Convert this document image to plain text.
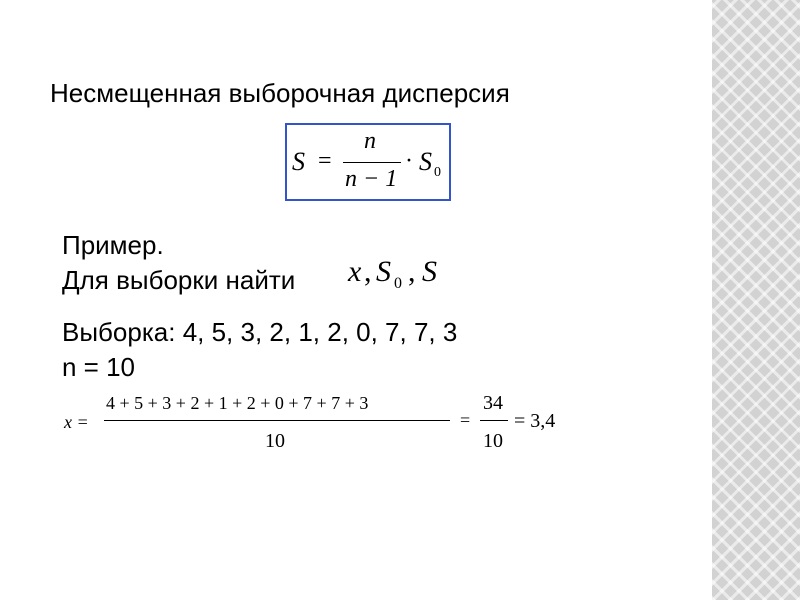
Несмещенная выборочная дисперсия
S =
n
n − 1
· S 0
Пример.
Для выборки найти x , S 0 , S
Выборка: 4, 5, 3, 2, 1, 2, 0, 7, 7, 3
n = 10
x =
4 + 5 + 3 + 2 + 1 + 2 + 0 + 7 + 7 + 3
10
=
34
10
= 3,4
